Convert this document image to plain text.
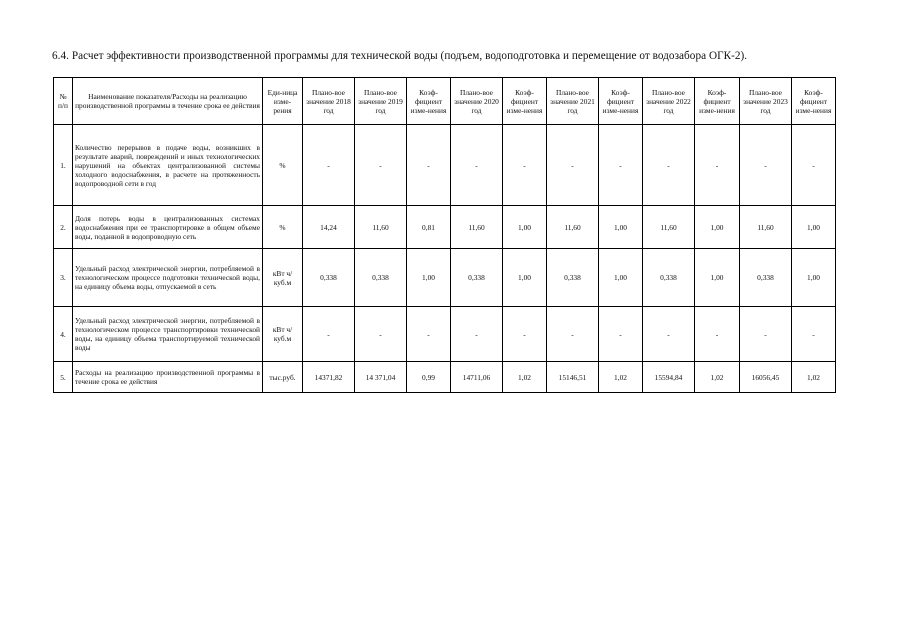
6.4. Расчет эффективности производственной программы для технической воды (подъем, водоподготовка и перемещение от водозабора ОГК-2).
№ п/п	Наименование показателя/Расходы на реализацию производственной программы в течение срока ее действия	Еди-ница изме-рения	Плано-вое значение 2018 год	Плано-вое значение 2019 год	Коэф-фициент изме-нения	Плано-вое значение 2020 год	Коэф-фициент изме-нения	Плано-вое значение 2021 год	Коэф-фициент изме-нения	Плано-вое значение 2022 год	Коэф-фициент изме-нения	Плано-вое значение 2023 год	Коэф-фициент изме-нения
1.	Количество перерывов в подаче воды, возникших в результате аварий, повреждений и иных технологических нарушений на объектах централизованной системы холодного водоснабжения, в расчете на протяженность водопроводной сети в год	%	-	-	-	-	-	-	-	-	-	-	-
2.	Доля потерь воды в централизованных системах водоснабжения при ее транспортировке в общем объеме воды, поданной в водопроводную сеть	%	14,24	11,60	0,81	11,60	1,00	11,60	1,00	11,60	1,00	11,60	1,00
3.	Удельный расход электрической энергии, потребляемой в технологическом процессе подготовки технической воды, на единицу объема воды, отпускаемой в сеть	кВт ч/куб.м	0,338	0,338	1,00	0,338	1,00	0,338	1,00	0,338	1,00	0,338	1,00
4.	Удельный расход электрической энергии, потребляемой в технологическом процессе транспортировки технической воды, на единицу объема транспортируемой технической воды	кВт ч/куб.м	-	-	-	-	-	-	-	-	-	-	-
5.	Расходы на реализацию производственной программы в течение срока ее действия	тыс.руб.	14371,82	14 371,04	0,99	14711,06	1,02	15146,51	1,02	15594,84	1,02	16056,45	1,02
